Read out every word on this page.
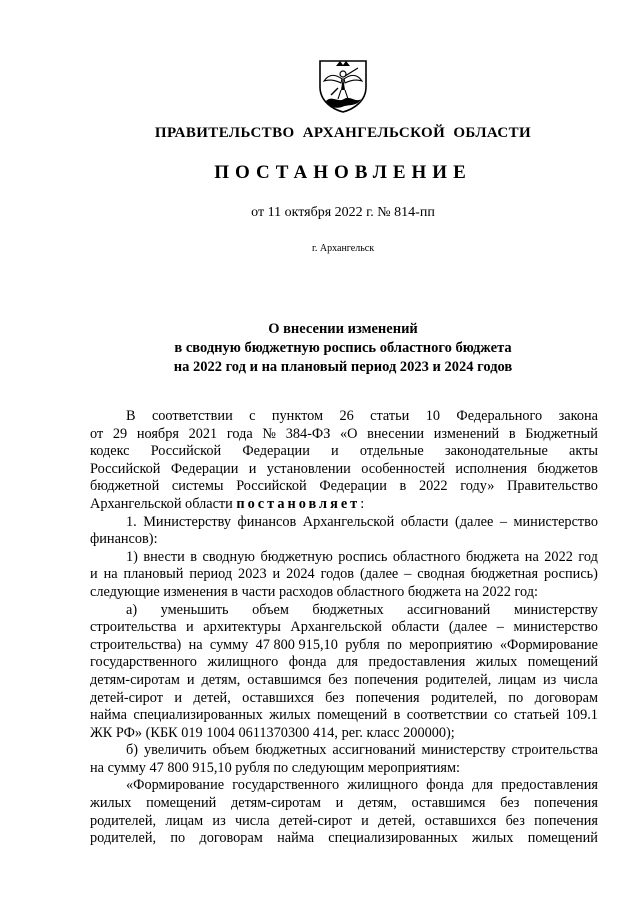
ПРАВИТЕЛЬСТВО АРХАНГЕЛЬСКОЙ ОБЛАСТИ
ПОСТАНОВЛЕНИЕ
от 11 октября 2022 г. № 814-пп
г. Архангельск
О внесении изменений
в сводную бюджетную роспись областного бюджета
на 2022 год и на плановый период 2023 и 2024 годов
В соответствии с пунктом 26 статьи 10 Федерального закона
от 29 ноября 2021 года № 384-ФЗ «О внесении изменений в Бюджетный
кодекс Российской Федерации и отдельные законодательные акты
Российской Федерации и установлении особенностей исполнения бюджетов
бюджетной системы Российской Федерации в 2022 году» Правительство
Архангельской области постановляет:
1. Министерству финансов Архангельской области (далее – министерство
финансов):
1) внести в сводную бюджетную роспись областного бюджета на 2022 год
и на плановый период 2023 и 2024 годов (далее – сводная бюджетная роспись)
следующие изменения в части расходов областного бюджета на 2022 год:
а) уменьшить объем бюджетных ассигнований министерству
строительства и архитектуры Архангельской области (далее – министерство
строительства) на сумму 47 800 915,10 рубля по мероприятию «Формирование
государственного жилищного фонда для предоставления жилых помещений
детям-сиротам и детям, оставшимся без попечения родителей, лицам из числа
детей-сирот и детей, оставшихся без попечения родителей, по договорам
найма специализированных жилых помещений в соответствии со статьей 109.1
ЖК РФ» (КБК 019 1004 0611370300 414, рег. класс 200000);
б) увеличить объем бюджетных ассигнований министерству строительства
на сумму 47 800 915,10 рубля по следующим мероприятиям:
«Формирование государственного жилищного фонда для предоставления
жилых помещений детям-сиротам и детям, оставшимся без попечения
родителей, лицам из числа детей-сирот и детей, оставшихся без попечения
родителей, по договорам найма специализированных жилых помещений
